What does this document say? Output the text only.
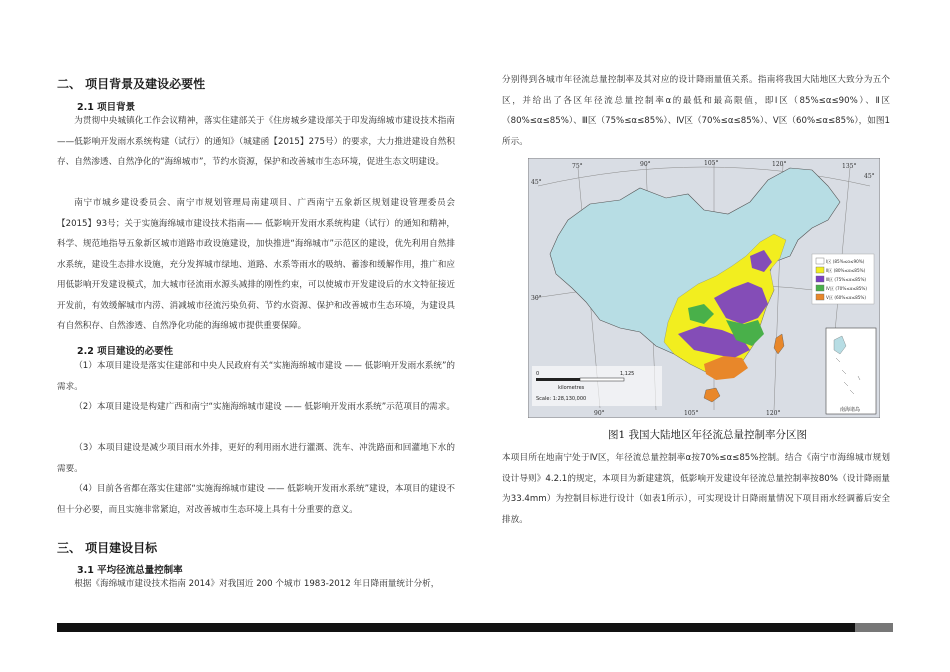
二、 项目背景及建设必要性
2.1 项目背景
为贯彻中央城镇化工作会议精神，落实住建部关于《住房城乡建设部关于印发海绵城市建设技术指南——低影响开发雨水系统构建（试行）的通知》（城建函【2015】275号）的要求，大力推进建设自然积存、自然渗透、自然净化的“海绵城市”，节约水资源，保护和改善城市生态环境，促进生态文明建设。
南宁市城乡建设委员会、南宁市规划管理局南建项目、广西南宁五象新区规划建设管理委员会【2015】93号；关于实施海绵城市建设技术指南—— 低影响开发雨水系统构建（试行）的通知和精神，科学、规范地指导五象新区城市道路市政设施建设，加快推进“海绵城市”示范区的建设，优先利用自然排水系统，建设生态排水设施，充分发挥城市绿地、道路、水系等雨水的吸纳、蓄渗和缓解作用，推广和应用低影响开发建设模式，加大城市径流雨水源头减排的刚性约束，可以使城市开发建设后的水文特征接近开发前，有效缓解城市内涝、消减城市径流污染负荷、节约水资源、保护和改善城市生态环境，为建设具有自然积存、自然渗透、自然净化功能的海绵城市提供重要保障。
2.2 项目建设的必要性
（1）本项目建设是落实住建部和中央人民政府有关“实施海绵城市建设 —— 低影响开发雨水系统”的需求。
（2）本项目建设是构建广西和南宁“实施海绵城市建设 —— 低影响开发雨水系统”示范项目的需求。
（3）本项目建设是减少项目雨水外排，更好的利用雨水进行灌溉、洗车、冲洗路面和回灌地下水的需要。
（4）目前各省都在落实住建部“实施海绵城市建设 —— 低影响开发雨水系统”建设，本项目的建设不但十分必要，而且实施非常紧迫，对改善城市生态环境上具有十分重要的意义。
三、 项目建设目标
3.1 平均径流总量控制率
根据《海绵城市建设技术指南 2014》对我国近 200 个城市 1983-2012 年日降雨量统计分析，
分别得到各城市年径流总量控制率及其对应的设计降雨量值关系。指南将我国大陆地区大致分为五个区，并给出了各区年径流总量控制率α的最低和最高限值，即Ⅰ区（85%≤α≤90%）、Ⅱ区（80%≤α≤85%）、Ⅲ区（75%≤α≤85%）、Ⅳ区（70%≤α≤85%）、Ⅴ区（60%≤α≤85%），如图1所示。
75°	90°	105°	120°	135°
45°
45°
30°
90°	105°	120°
Ⅰ区 (85%≤α≤90%)
Ⅱ区 (80%≤α≤85%)
Ⅲ区 (75%≤α≤85%)
Ⅳ区 (70%≤α≤85%)
Ⅴ区 (60%≤α≤85%)
0	1,125
kilometres
Scale: 1:28,130,000
南海诸岛
图1 我国大陆地区年径流总量控制率分区图
本项目所在地南宁处于Ⅳ区，年径流总量控制率α按70%≤α≤85%控制。结合《南宁市海绵城市规划设计导则》4.2.1的规定，本项目为新建建筑，低影响开发建设年径流总量控制率按80%（设计降雨量为33.4mm）为控制目标进行设计（如表1所示），可实现设计日降雨量情况下项目雨水经调蓄后安全排放。
